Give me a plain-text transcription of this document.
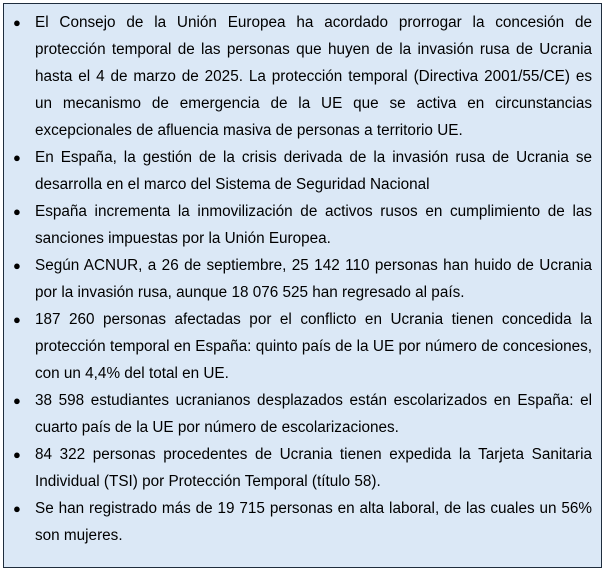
● El Consejo de la Unión Europea ha acordado prorrogar la concesión de protección temporal de las personas que huyen de la invasión rusa de Ucrania hasta el 4 de marzo de 2025. La protección temporal (Directiva 2001/55/CE) es un mecanismo de emergencia de la UE que se activa en circunstancias excepcionales de afluencia masiva de personas a territorio UE.
● En España, la gestión de la crisis derivada de la invasión rusa de Ucrania se desarrolla en el marco del Sistema de Seguridad Nacional
● España incrementa la inmovilización de activos rusos en cumplimiento de las sanciones impuestas por la Unión Europea.
● Según ACNUR, a 26 de septiembre, 25 142 110 personas han huido de Ucrania por la invasión rusa, aunque 18 076 525 han regresado al país.
● 187 260 personas afectadas por el conflicto en Ucrania tienen concedida la protección temporal en España: quinto país de la UE por número de concesiones, con un 4,4% del total en UE.
● 38 598 estudiantes ucranianos desplazados están escolarizados en España: el cuarto país de la UE por número de escolarizaciones.
● 84 322 personas procedentes de Ucrania tienen expedida la Tarjeta Sanitaria Individual (TSI) por Protección Temporal (título 58).
● Se han registrado más de 19 715 personas en alta laboral, de las cuales un 56% son mujeres.
